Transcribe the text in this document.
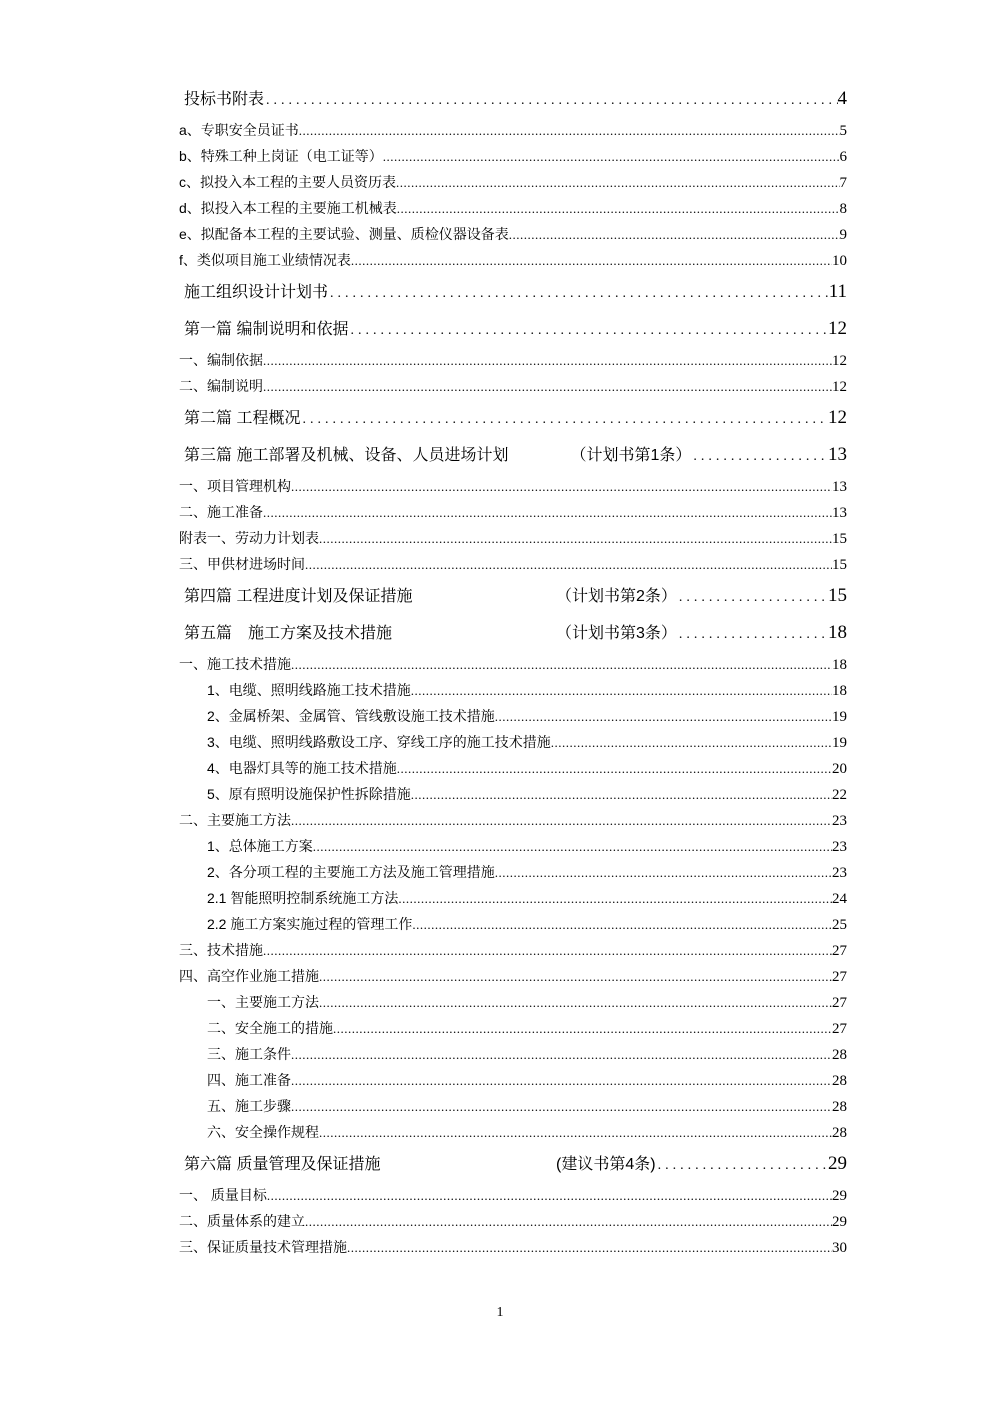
投标书附表 .....	4
a、专职安全员证书 .....	5
b、特殊工种上岗证（电工证等） .....	6
c、拟投入本工程的主要人员资历表 .....	7
d、拟投入本工程的主要施工机械表 .....	8
e、拟配备本工程的主要试验、测量、质检仪器设备表 .....	9
f、类似项目施工业绩情况表 .....	10
施工组织设计计划书 .....	11
第一篇 编制说明和依据 .....	12
一、编制依据 .....	12
二、编制说明 .....	12
第二篇 工程概况 .....	12
第三篇 施工部署及机械、设备、人员进场计划	（计划书第1条） .....	13
一、项目管理机构 .....	13
二、施工准备 .....	13
附表一、劳动力计划表 .....	15
三、甲供材进场时间 .....	15
第四篇 工程进度计划及保证措施	（计划书第2条） .....	15
第五篇　施工方案及技术措施	（计划书第3条） .....	18
一、施工技术措施 .....	18
1、电缆、照明线路施工技术措施 .....	18
2、金属桥架、金属管、管线敷设施工技术措施 .....	19
3、电缆、照明线路敷设工序、穿线工序的施工技术措施 .....	19
4、电器灯具等的施工技术措施 .....	20
5、原有照明设施保护性拆除措施 .....	22
二、主要施工方法 .....	23
1、总体施工方案 .....	23
2、各分项工程的主要施工方法及施工管理措施 .....	23
2.1 智能照明控制系统施工方法 .....	24
2.2 施工方案实施过程的管理工作 .....	25
三、技术措施 .....	27
四、高空作业施工措施 .....	27
一、主要施工方法 .....	27
二、安全施工的措施 .....	27
三、施工条件 .....	28
四、施工准备 .....	28
五、施工步骤 .....	28
六、安全操作规程 .....	28
第六篇 质量管理及保证措施	(建议书第4条) .....	29
一、 质量目标 .....	29
二、质量体系的建立 .....	29
三、保证质量技术管理措施 .....	30
1
